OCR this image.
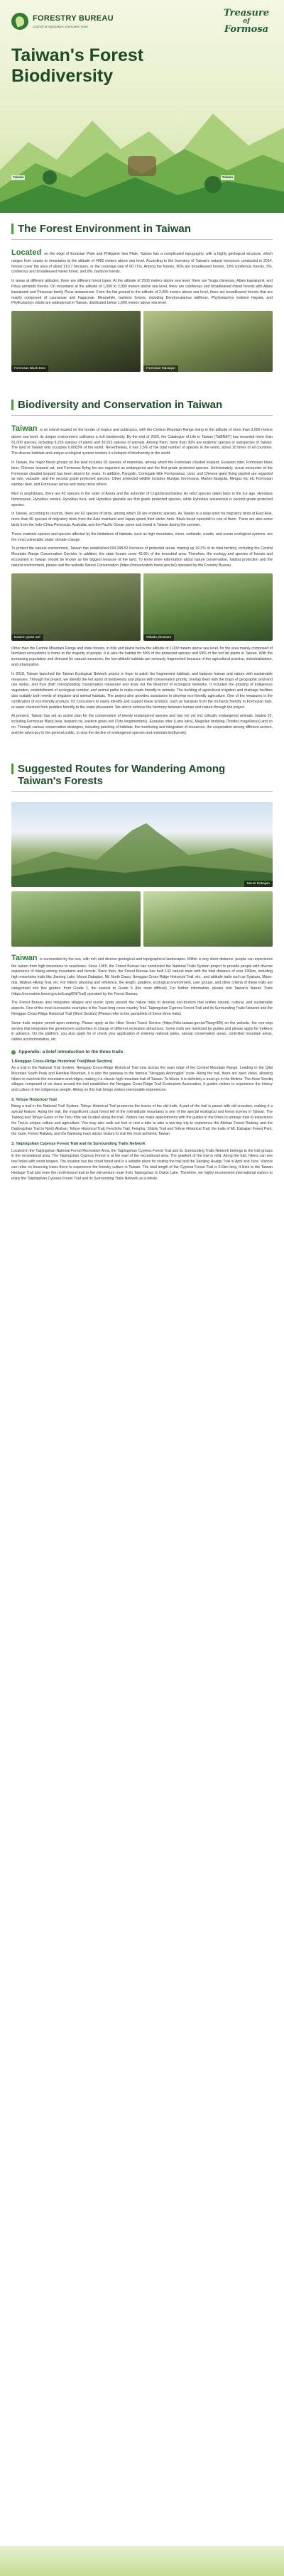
FORESTRY BUREAU
Council of Agriculture, Executive Yuan
Treasure
of
Formosa
Taiwan's Forest
Biodiversity
Taiwan	Taiwan
The Forest Environment in Taiwan

Located on the edge of Eurasian Plate and Philippine Sea Plate, Taiwan has a complicated topography, with a highly geological structure, which ranges from coasts to mountains at the altitude of 4000 meters above sea level. According to the Inventory of Taiwan's natural resources conducted in 2014, forests cover the area of about 219.7 hectares, or the coverage rate of 60.71%. Among the forests, 90% are broadleaved forests, 19% coniferous forests, 9%, coniferous and broadleaved mixed forest, and 8%, bamboo forests.

In areas at different altitudes, there are different forest types. At the altitude of 2500 meters above sea level, there are Tsuga chinensis, Abies kawakamii, and Pinus armandii forests. On mountains at the altitude of 1,500 to 2,000 meters above sea level, there are coniferous and broadleaved mixed forests with Abies kawakamii and Pinaceae family Picus taiwanensis. From the flat ground to the altitude of 2,000 meters above sea level, there are broadleaved forests that are mainly composed of Lauraceae and Fagaceae. Meanwhile, bamboo forests, including Dendrocalamus latiflorus, Phyllostachys makinoi Hayata, and Phyllostachys edulis are widespread in Taiwan, distributed below 1,600 meters above sea level.

Formosan Black Bear	Formosan Macaque
Biodiversity and Conservation in Taiwan

Taiwan is an island located on the border of tropics and subtropics, with the Central Mountain Range rising to the altitude of more than 3,000 meters above sea level. Its unique environment cultivates a rich biodiversity. By the end of 2020, the Catalogue of Life in Taiwan (TaiBNET) has recorded more than 61,000 species, including 9,226 species of plants and 30,913 species of animals. Among them, more than 30% are endemic species or subspecies of Taiwan. The land of Taiwan only occupies 0.0003% of the world. Nevertheless, it has 2.5% of the total number of species in the world, about 10 times of all countries. The diverse habitats and unique ecological system renders it a hotspot of biodiversity in the world.

In Taiwan, the major forest groups on the land includes 92 species of mammals, among which the Formosan clouded leopard, Eurasian otter, Formosan black bear, Chinese leopard cat, and Formosan flying fox are regarded as endangered and the first grade protected species. Unfortunately, visual encounter of the Formosan clouded leopard has been absent for years. In addition, Pangolin, Coniogale little Formosanus, civet, and Chinese giant flying squirrel are regarded as rare, valuable, and the second grade protected species. Other protected wildlife includes Muntjac formosana, Martes flavigula, Mergus etc etc Formosan sambar deer, and Formosan serow and many more others.

Rich in amphibians, there are 42 species in the order of Anura and the suborder of Cryptobranchoidea. As relict species dated back to the Ice age, Hynobius formosanus, Hynobius sonani, Hynobius fuca, and Hynobius glacialis are first grade protected species, while Hynobius arisanensis is second grade protected species.

In Taiwan, according to records, there are 62 species of birds, among which 29 are endemic species. As Taiwan is a relay point for migratory birds of East Asia, more than 90 species of migratory birds from the Asia mainland and Japan spend their winter here. Black-faced spoonbill is one of them. There are also some birds from the Indo-China Peninsula, Australia, and the Pacific Ocean come and breed in Taiwan during the summer.

These endemic species and species affected by the limitations of habitats, such as high mountains, rivers, wetlands, creeks, and ocean ecological systems, are the most vulnerable under climate change.

To protect the natural environment, Taiwan has established 694,298.52 hectares of protected areas, making up 19.2% of its total territory, including the Central Mountain Range Conservation Corridor. In addition, the state forests cover 42.9% of the terrestrial area. Therefore, the ecology and species of forests and ecosystem in Taiwan should be known as the biggest treasure of the land. To know more information about nature conservation, habitat protection and the natural environment, please visit the website Nature Conservation (https://conservation.forest.gov.tw/) operated by the Forestry Bureau.

Eastern grass owl	Mikado pheasant

Other than the Central Mountain Range and state forests, in hills and plains below the altitude of 1,000 meters above sea level, for the area mainly composed of farmland ecosystems is home to the majority of people. It is also the habitat for 50% of the protected species and 69% of the red list plants in Taiwan. With the increasing population and demand for natural resources, the low-altitude habitats are seriously fragmented because of the agricultural practice, industrialization, and urbanization.

In 2018, Taiwan launched the Taiwan Ecological Network project in hope to patch the fragmented habitats, and balance human and nature with sustainable measures. Through the project, we identify the hot spots of biodiversity and places with conservation priority, overlap them with the maps of geographic and land use status, and thus draft corresponding conservation measures and draw out the blueprint of ecological networks. It included the growing of indigenous vegetation, establishment of ecological corridor, and animal paths to make roads friendly to animals. The building of agricultural irrigation and drainage facilities also suitably both needs of irrigation and animal habitats. The project also provides assistance to develop eco-friendly agriculture. One of the measures is the certification of eco-friendly produce, for consumers to easily identify and support these produce, such as bananas from the orchards friendly to Formosan bats, or water chestnut from paddies friendly to the water pheasants. We aim to achieve the harmony between human and nature through the project.

At present, Taiwan has set an action plan for the conservation of twenty endangered species and has not yet incl critically endangered animals, totaled 22, including Formosan Black bear, leopard cat, eastern grass owl (Tyto longimembris), Eurasian otter (Lutra lutra), Magellan birdwing (Troides magellanus) and so on. Through various conservation strategies, including patching of habitats, the monitoring and integration of resources, the cooperation among different sectors, and the advocacy to the general public, to stop the decline of endangered species and maintain biodiversity.

Suggested Routes for Wandering Among
Taiwan's Forests
Mount Dabajian

Taiwan is surrounded by the sea, with rich and diverse geological and topographical landscapes. Within a very short distance, people can experience the nature from high mountains to seashores. Since 1965, the Forest Bureau has conducted the National Trails System project to provide people with diverse experience of hiking among mountains and forests. Since then, the Forest Bureau has built 142 natural trails with the total distance of over 630km, including high mountains trails like Jiaming Lake, Mount Dabajian, Mt. North Dawu, Nenggao Cross-Ridge Historical Trail, etc., and attitude trails such as Syakaru, Maon-duk, Walkan Hiking Trail, etc. For hikers' planning and reference, the length, gradient, ecological environment, user groups, and other criteria of these trails are categorized into five grades: from Grade 1, the easiest to Grade 5 (the most difficult). For further information, please visit Taiwan's Nature Trails (https://recreation.forest.gov.tw/Lang/EN/Trail) operated by the Forest Bureau.

The Forest Bureau also integrates villages and scenic spots around the nature trails to develop eco-tourism that unifies natural, cultural, and sustainable aspects. One of the most successful examples is the Tsuei-feng cross country Trail. Taipingshan Cypress Forest Trail and its Surrounding Trails Network and the Nenggao Cross-Ridge Historical Trail (West Section) (Please refer to the pamphlets of these three trails)

Some trails require permit upon entering. Please apply at the Hiker Smart Travel Service (https://hike.taiwan.gov.tw/?lang=EN) on the website, the one-stop service that integrates the government authorities to charge of different recreation attractions. Some trails are restricted by guides and please apply for trekkers in advance. On the platform, you also apply for or check your application of entering national parks, natural conservation areas, controlled mountain areas, cabins accommodation, etc.

Appendix: a brief introduction to the three trails
1.Nenggao Cross-Ridge Historical Trail(West Section)

As a trail in the National Trail System, Nenggao Cross-Ridge Historical Trail runs across the main ridge of the Central Mountain Range. Leading to the Qilai Mountain South Peak and Hantikai Mountain, it is also the gateway to the famous "Nenggao Andongjun" route. Along the trail, there are open views, allowing hikers to overlook the mountains and ridges, making it a classic high mountain trail of Taiwan. To hikers, it is definitely a must-go in the lifetime. The three Seediq villages composed of six clans around the trail establishes the Nenggao Cross-Ridge Trail Ecotourism Association, It guides visitors to experience the history and culture of the indigenous people. Hiking on this trail brings visitors memorable experiences.

2. Tefuye Historical Trail

Being a trail in the National Trail System, Tefuye Historical Trail preserves the traces of the old trails. A part of the trail is paved with old crossties, making it a special feature. Along the trail, the magnificent cloud forest tell of the mid-altitude mountains is one of the special ecological and forest scenes in Taiwan. The Tapeng and Tefuye Gates of the Tsou tribe are located along the trail. Visitors can make appointments with the guides in the tribes to arrange trips to experience the Tsou's unique culture and agriculture. You may also walk out feet or rent a bike to take a two-day trip to experience the Alishan Forest Railway and the Dadongshan Trail in North Alishan, Tefuye Historical Trail, Fenchihu Trail, Fenqihu, Shizilu Trail and Tefuye Historical Trail, the trails of Mt. Dabajian Forest Park, the route, Forest Railway, and the Bankung track attract visitors to visit the most authentic Taiwan.

3. Taipingshan Cypress Forest Trail and its Surrounding Trails Network

Located in the Taipingshan National Forest Recreation Area, the Taipingshan Cypress Forest Trail and its Surrounding Trails Network belongs to the trail groups in the recreational area. The Taipingshan Cypress Forest is at the east of the recreational area. The gradient of the trail is mild. Along the trail, hikers can see tree holes with wood shapes. The location has the cloud forest and is a suitable place for visiting the trail and the Jianqing Huaigu Trail in April and June. Visitors can relax on bouncing trains there to experience the forestry culture in Taiwan. The total length of the Cypress Forest Trail is 5.6km long. It links to the Taiwan Heritage Trail and even the north-bound trail to the old-venture route from Taipingshan to Dalun Lake. Therefore, we highly recommend international visitors to enjoy the Taipingshan Cypress Forest Trail and its Surrounding Trails Network as a whole.
